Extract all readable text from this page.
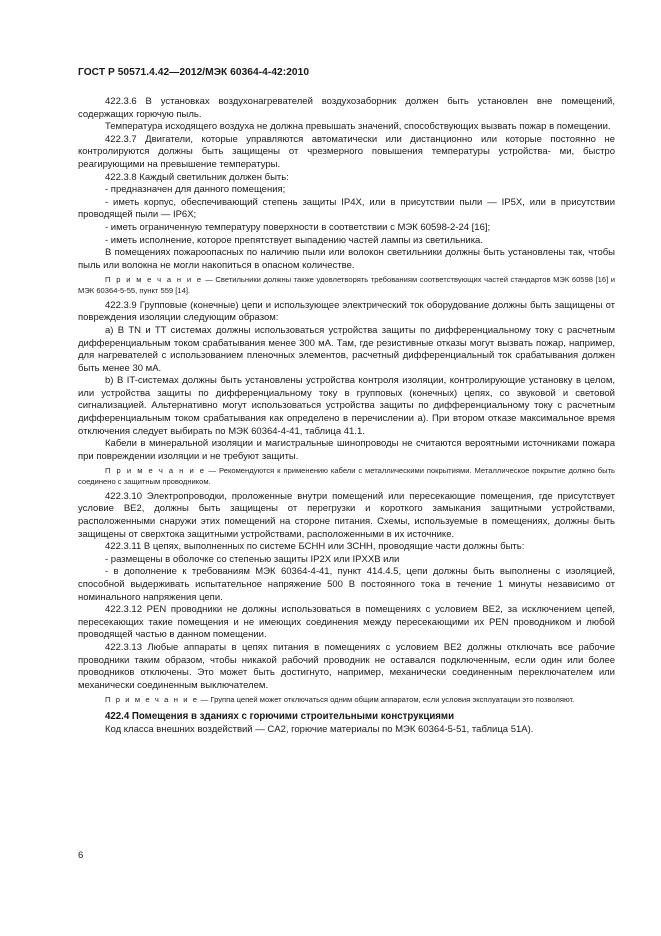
ГОСТ Р 50571.4.42—2012/МЭК 60364-4-42:2010

422.3.6 В установках воздухонагревателей воздухозаборник должен быть установлен вне помещений, содержащих горючую пыль.

Температура исходящего воздуха не должна превышать значений, способствующих вызвать пожар в помещении.

422.3.7 Двигатели, которые управляются автоматически или дистанционно или которые постоянно не контролируются должны быть защищены от чрезмерного повышения температуры устройства- ми, быстро реагирующими на превышение температуры.

422.3.8 Каждый светильник должен быть:

- предназначен для данного помещения;

- иметь корпус, обеспечивающий степень защиты IP4X, или в присутствии пыли — IP5X, или в присутствии проводящей пыли — IP6X;

- иметь ограниченную температуру поверхности в соответствии с МЭК 60598-2-24 [16];

- иметь исполнение, которое препятствует выпадению частей лампы из светильника.

В помещениях пожароопасных по наличию пыли или волокон светильники должны быть установлены так, чтобы пыль или волокна не могли накопиться в опасном количестве.

П р и м е ч а н и е — Светильники должны также удовлетворять требованиям соответствующих частей стандартов МЭК 60598 [16] и МЭК 60364-5-55, пункт 559 [14].

422.3.9 Групповые (конечные) цепи и использующее электрический ток оборудование должны быть защищены от повреждения изоляции следующим образом:

a) В TN и TT системах должны использоваться устройства защиты по дифференциальному току с расчетным дифференциальным током срабатывания менее 300 мА. Там, где резистивные отказы могут вызвать пожар, например, для нагревателей с использованием пленочных элементов, расчетный дифференциальный ток срабатывания должен быть менее 30 мА.

b) В IT-системах должны быть установлены устройства контроля изоляции, контролирующие установку в целом, или устройства защиты по дифференциальному току в групповых (конечных) цепях, со звуковой и световой сигнализацией. Альтернативно могут использоваться устройства защиты по дифференциальному току с расчетным дифференциальным током срабатывания как определено в перечислении a). При втором отказе максимальное время отключения следует выбирать по МЭК 60364-4-41, таблица 41.1.

Кабели в минеральной изоляции и магистральные шинопроводы не считаются вероятными источниками пожара при повреждении изоляции и не требуют защиты.

П р и м е ч а н и е — Рекомендуются к применению кабели с металлическими покрытиями. Металлическое покрытие должно быть соединено с защитным проводником.

422.3.10 Электропроводки, проложенные внутри помещений или пересекающие помещения, где присутствует условие BE2, должны быть защищены от перегрузки и короткого замыкания защитными устройствами, расположенными снаружи этих помещений на стороне питания. Схемы, используемые в помещениях, должны быть защищены от сверхтока защитными устройствами, расположенными в их источнике.

422.3.11 В цепях, выполненных по системе БСНН или ЗСНН, проводящие части должны быть:

- размещены в оболочке со степенью защиты IP2X или IPXXB или

- в дополнение к требованиям МЭК 60364-4-41, пункт 414.4.5, цепи должны быть выполнены с изоляцией, способной выдерживать испытательное напряжение 500 В постоянного тока в течение 1 минуты независимо от номинального напряжения цепи.

422.3.12 PEN проводники не должны использоваться в помещениях с условием BE2, за исключением цепей, пересекающих такие помещения и не имеющих соединения между пересекающими их PEN проводником и любой проводящей частью в данном помещении.

422.3.13 Любые аппараты в цепях питания в помещениях с условием BE2 должны отключать все рабочие проводники таким образом, чтобы никакой рабочий проводник не оставался подключенным, если один или более проводников отключены. Это может быть достигнуто, например, механически соединенным переключателем или механически соединенным выключателем.

П р и м е ч а н и е — Группа цепей может отключаться одним общим аппаратом, если условия эксплуатации это позволяют.

422.4 Помещения в зданиях с горючими строительными конструкциями

Код класса внешних воздействий — CA2, горючие материалы по МЭК 60364-5-51, таблица 51A).

6
